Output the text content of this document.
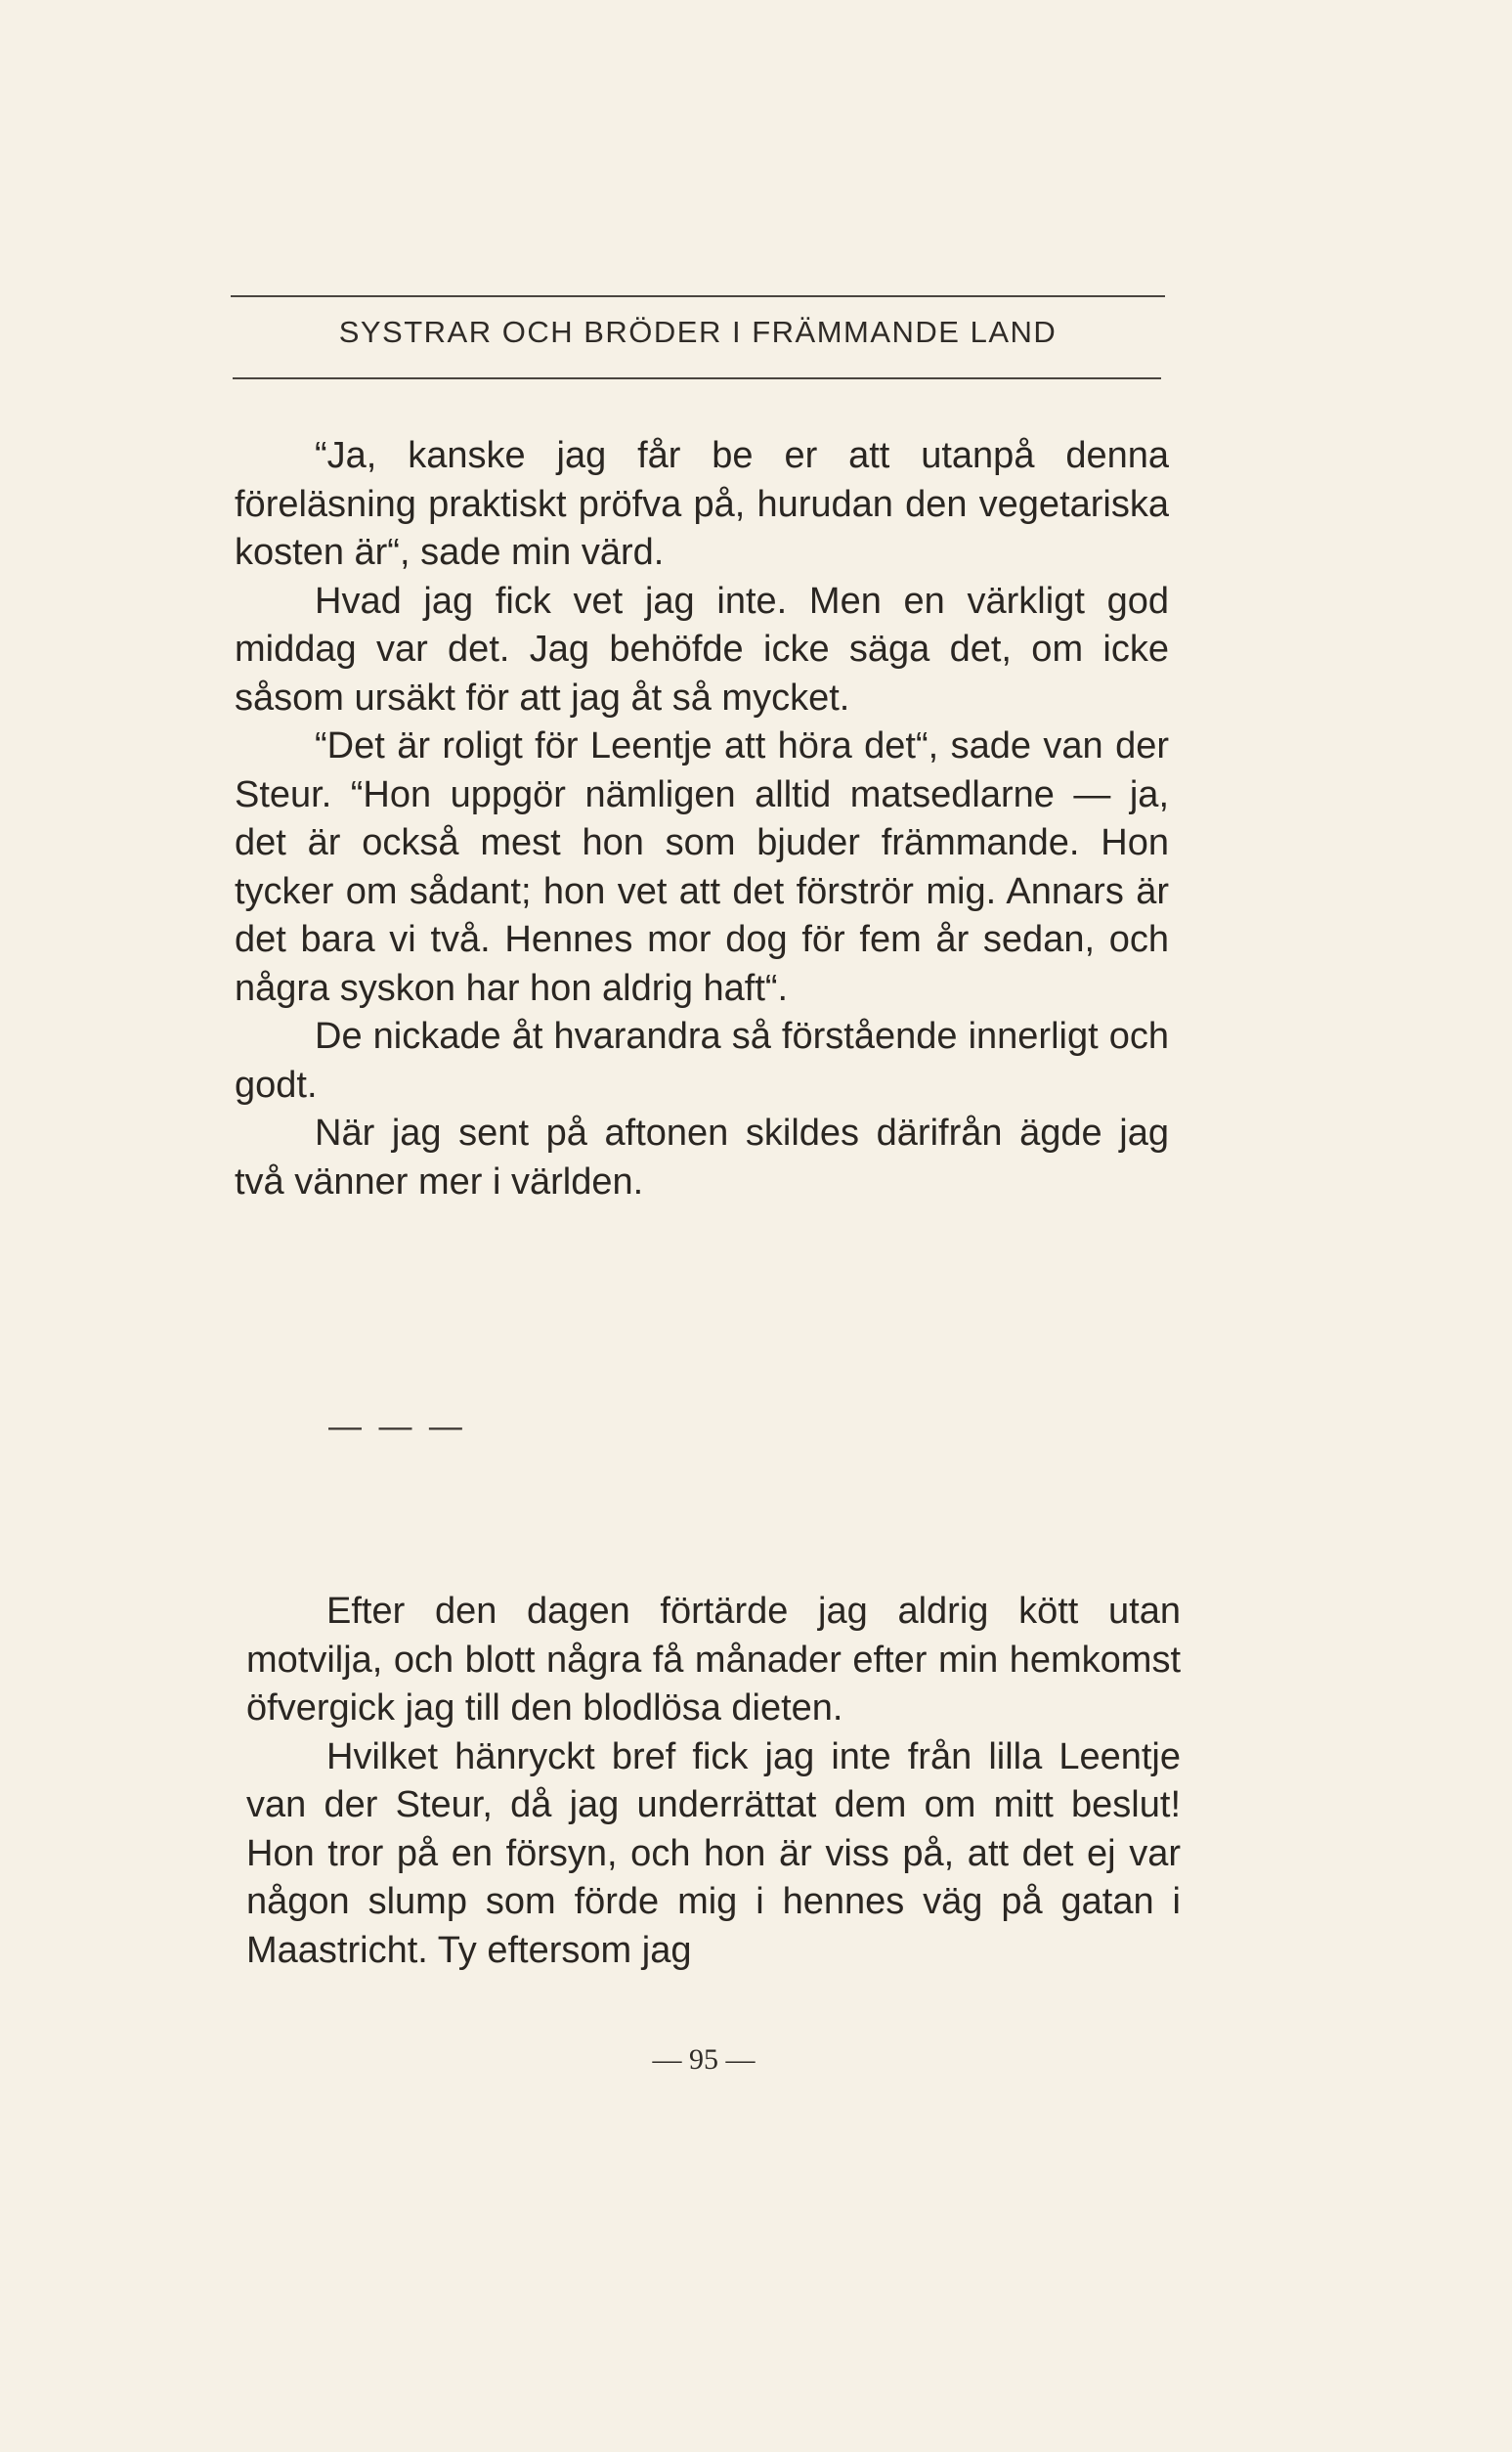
SYSTRAR OCH BRÖDER I FRÄMMANDE LAND

“Ja, kanske jag får be er att utanpå denna föreläsning praktiskt pröfva på, hurudan den vegetariska kosten är“, sade min värd.

Hvad jag fick vet jag inte. Men en värkligt god middag var det. Jag behöfde icke säga det, om icke såsom ursäkt för att jag åt så mycket.

“Det är roligt för Leentje att höra det“, sade van der Steur. “Hon uppgör nämligen alltid matsedlarne — ja, det är också mest hon som bjuder främmande. Hon tycker om sådant; hon vet att det förströr mig. Annars är det bara vi två. Hennes mor dog för fem år sedan, och några syskon har hon aldrig haft“.

De nickade åt hvarandra så förstående innerligt och godt.

När jag sent på aftonen skildes därifrån ägde jag två vänner mer i världen.

— — —

Efter den dagen förtärde jag aldrig kött utan motvilja, och blott några få månader efter min hemkomst öfvergick jag till den blodlösa dieten.

Hvilket hänryckt bref fick jag inte från lilla Leentje van der Steur, då jag underrättat dem om mitt beslut! Hon tror på en försyn, och hon är viss på, att det ej var någon slump som förde mig i hennes väg på gatan i Maastricht. Ty eftersom jag

— 95 —
